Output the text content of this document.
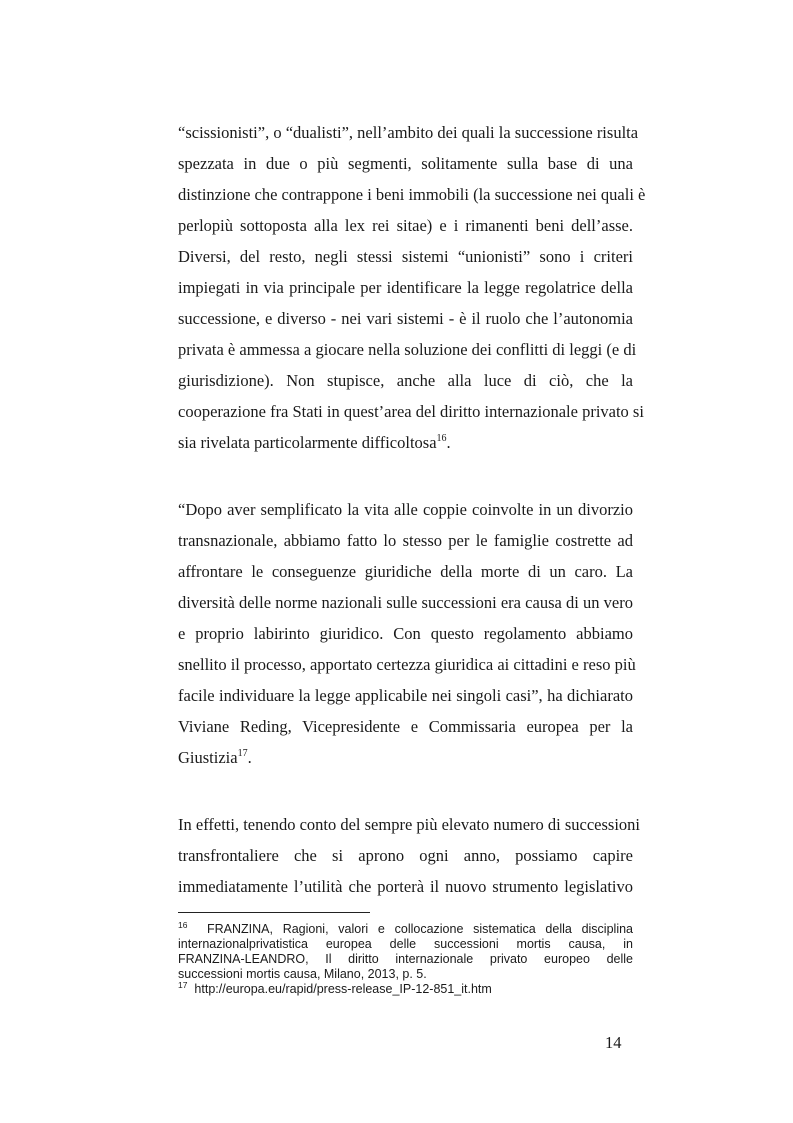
“scissionisti”, o “dualisti”, nell’ambito dei quali la successione risulta
spezzata in due o più segmenti, solitamente sulla base di una
distinzione che contrappone i beni immobili (la successione nei quali è
perlopiù sottoposta alla lex rei sitae) e i rimanenti beni dell’asse.
Diversi, del resto, negli stessi sistemi “unionisti” sono i criteri
impiegati in via principale per identificare la legge regolatrice della
successione, e diverso - nei vari sistemi - è il ruolo che l’autonomia
privata è ammessa a giocare nella soluzione dei conflitti di leggi (e di
giurisdizione). Non stupisce, anche alla luce di ciò, che la
cooperazione fra Stati in quest’area del diritto internazionale privato si
sia rivelata particolarmente difficoltosa$^{16}$.
“Dopo aver semplificato la vita alle coppie coinvolte in un divorzio
transnazionale, abbiamo fatto lo stesso per le famiglie costrette ad
affrontare le conseguenze giuridiche della morte di un caro. La
diversità delle norme nazionali sulle successioni era causa di un vero
e proprio labirinto giuridico. Con questo regolamento abbiamo
snellito il processo, apportato certezza giuridica ai cittadini e reso più
facile individuare la legge applicabile nei singoli casi”, ha dichiarato
Viviane Reding, Vicepresidente e Commissaria europea per la
Giustizia$^{17}$.
In effetti, tenendo conto del sempre più elevato numero di successioni
transfrontaliere che si aprono ogni anno, possiamo capire
immediatamente l’utilità che porterà il nuovo strumento legislativo
$^{16}$ FRANZINA, Ragioni, valori e collocazione sistematica della disciplina
internazionalprivatistica europea delle successioni mortis causa, in
FRANZINA-LEANDRO, Il diritto internazionale privato europeo delle
successioni mortis causa, Milano, 2013, p. 5.
$^{17}$ http://europa.eu/rapid/press-release_IP-12-851_it.htm
14
